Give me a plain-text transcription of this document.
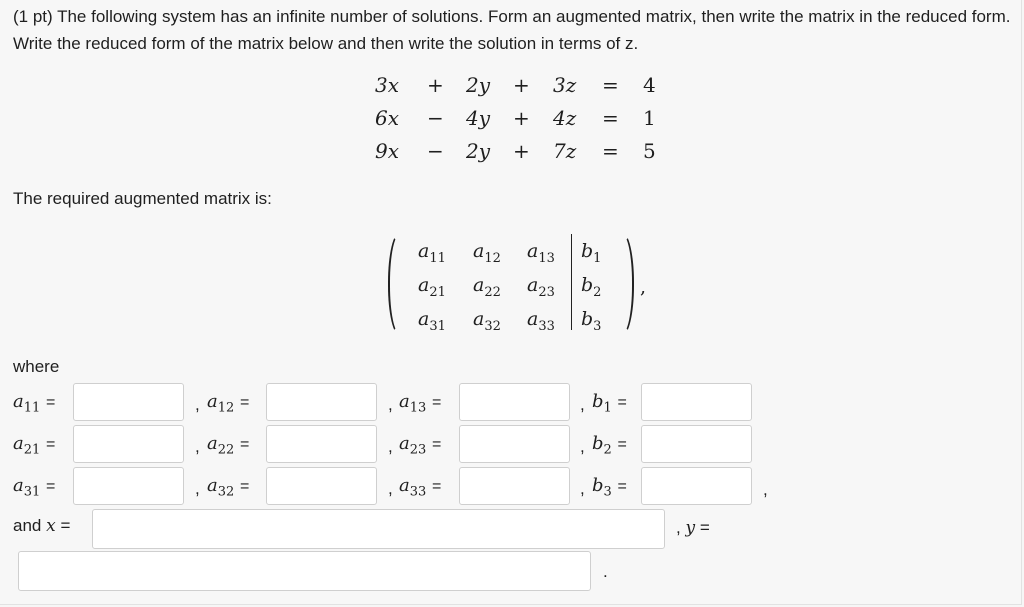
(1 pt) The following system has an infinite number of solutions. Form an augmented matrix, then write the matrix in the reduced form. Write the reduced form of the matrix below and then write the solution in terms of z.
3x + 2y + 3z = 4
6x − 4y + 4z = 1
9x − 2y + 7z = 5
The required augmented matrix is:
$a_{11}$ $a_{12}$ $a_{13}$ $b_1$
$a_{21}$ $a_{22}$ $a_{23}$ $b_2$
$a_{31}$ $a_{32}$ $a_{33}$ $b_3$
,
where
$a_{11}$ =	, $a_{12}$ =	, $a_{13}$ =	, $b_1$ =
$a_{21}$ =	, $a_{22}$ =	, $a_{23}$ =	, $b_2$ =
$a_{31}$ =	, $a_{32}$ =	, $a_{33}$ =	, $b_3$ =	,
and x =	, y =
.
